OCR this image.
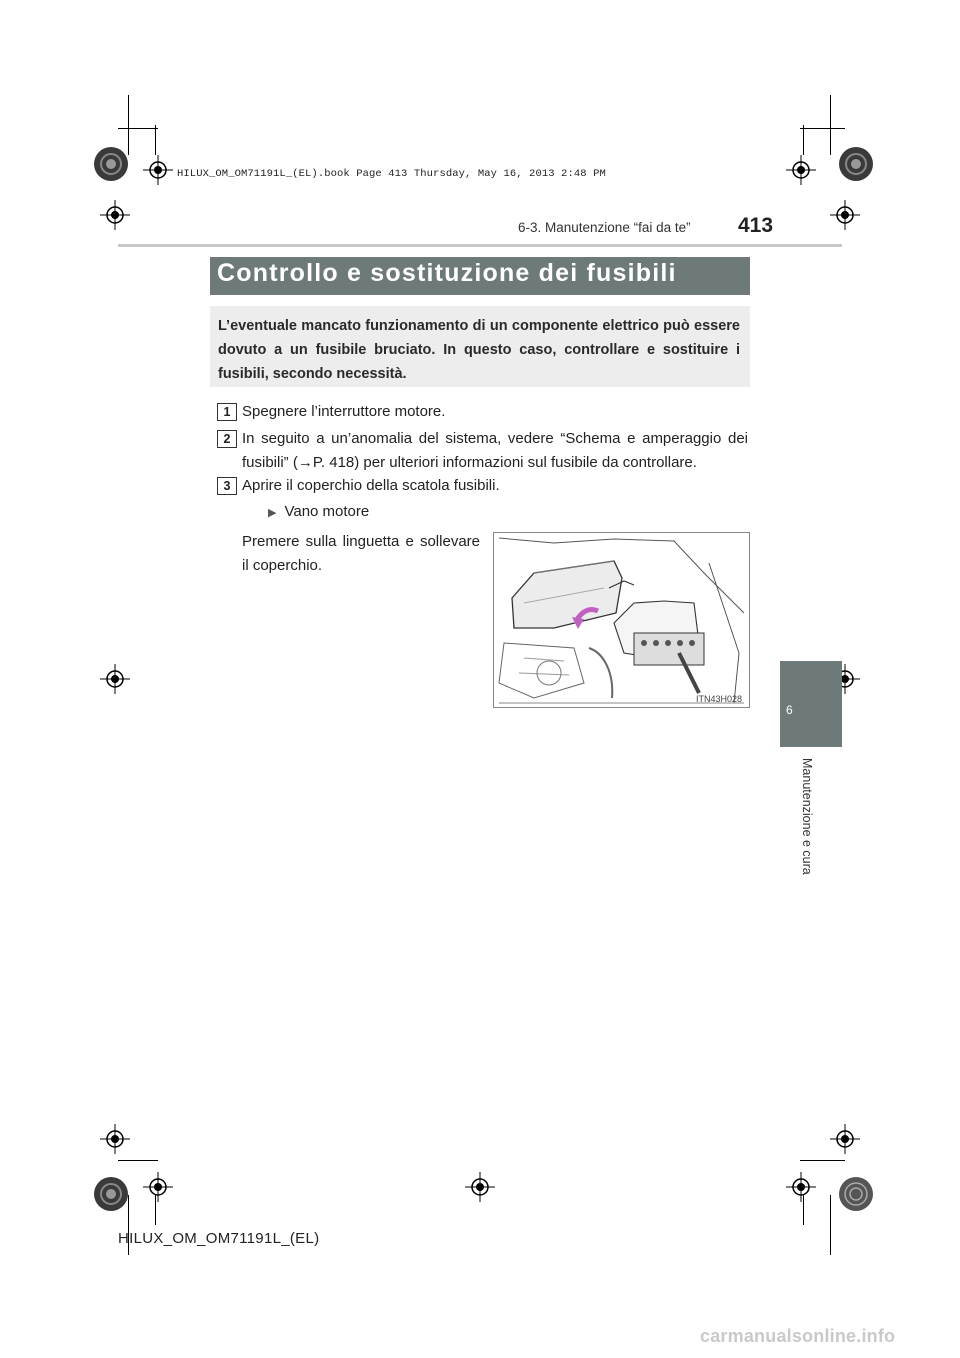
HILUX_OM_OM71191L_(EL).book Page 413 Thursday, May 16, 2013 2:48 PM
6-3. Manutenzione “fai da te” 413
Controllo e sostituzione dei fusibili
L’eventuale mancato funzionamento di un componente elettrico può essere dovuto a un fusibile bruciato. In questo caso, controllare e sostituire i fusibili, secondo necessità.
1 Spegnere l’interruttore motore.
2 In seguito a un’anomalia del sistema, vedere “Schema e amperaggio dei fusibili” (→P. 418) per ulteriori informazioni sul fusibile da controllare.
3 Aprire il coperchio della scatola fusibili.
▶ Vano motore
Premere sulla linguetta e sollevare il coperchio.
ITN43H028
6
Manutenzione e cura
HILUX_OM_OM71191L_(EL)
carmanualsonline.info
